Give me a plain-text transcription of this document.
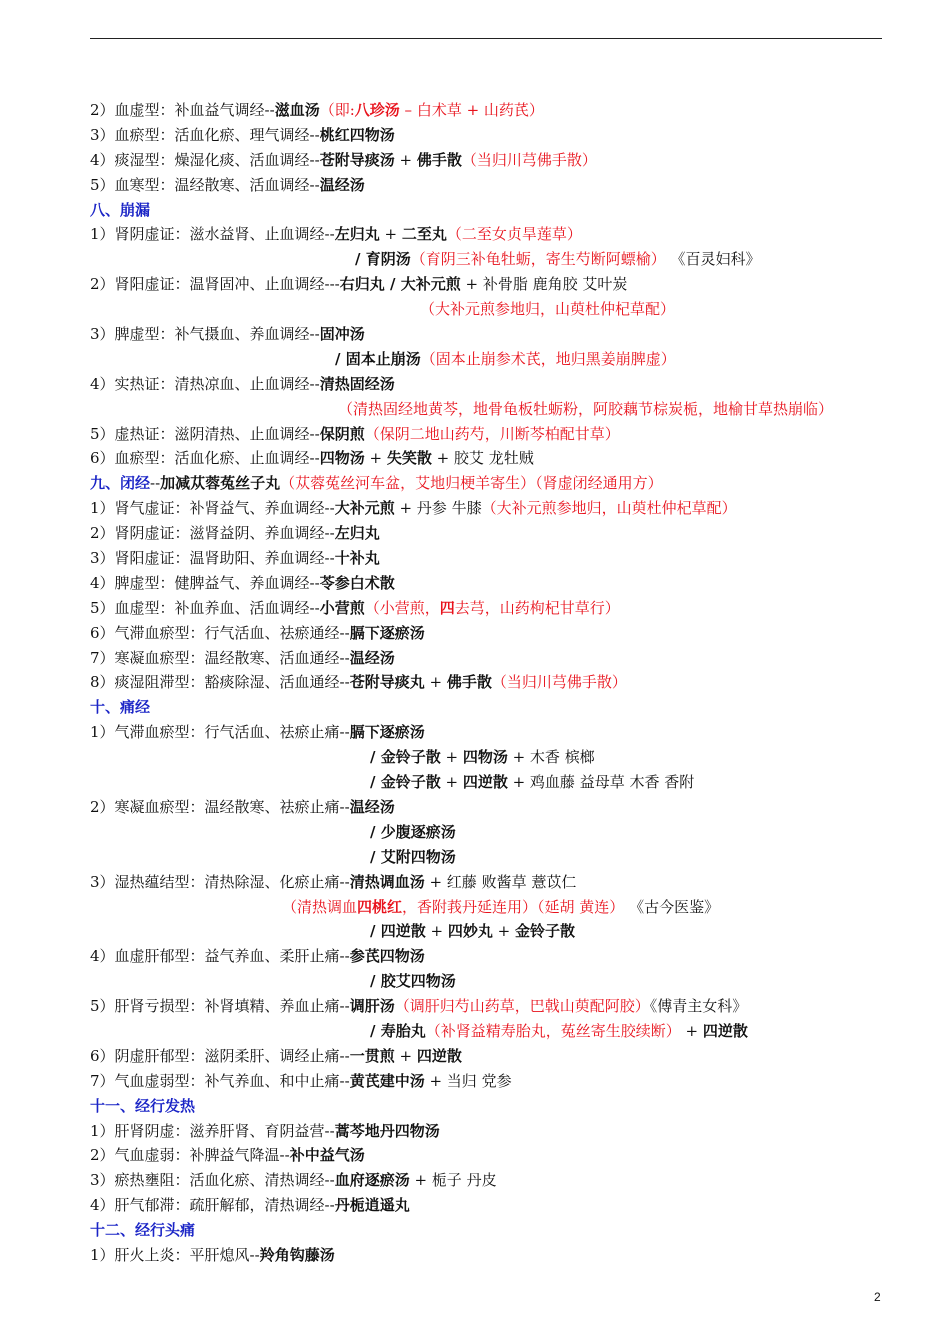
2）血虚型：补血益气调经--滋血汤（即:八珍汤 – 白术草 + 山药芪）
3）血瘀型：活血化瘀、理气调经--桃红四物汤
4）痰湿型：燥湿化痰、活血调经--苍附导痰汤 + 佛手散（当归川芎佛手散）
5）血寒型：温经散寒、活血调经--温经汤
八、崩漏
1）肾阴虚证：滋水益肾、止血调经--左归丸 + 二至丸（二至女贞旱莲草）
/ 育阴汤（育阴三补龟牡蛎，寄生芍断阿螵榆） 《百灵妇科》
2）肾阳虚证：温肾固冲、止血调经---右归丸 / 大补元煎 + 补骨脂 鹿角胶 艾叶炭
（大补元煎参地归，山萸杜仲杞草配）
3）脾虚型：补气摄血、养血调经--固冲汤
/ 固本止崩汤（固本止崩参术芪，地归黑姜崩脾虚）
4）实热证：清热凉血、止血调经--清热固经汤
（清热固经地黄芩，地骨龟板牡蛎粉，阿胶藕节棕炭栀，地榆甘草热崩临）
5）虚热证：滋阴清热、止血调经--保阴煎（保阴二地山药芍，川断芩柏配甘草）
6）血瘀型：活血化瘀、止血调经--四物汤 + 失笑散 + 胶艾 龙牡贼
九、闭经--加减苁蓉菟丝子丸（苁蓉菟丝河车盆，艾地归梗羊寄生）（肾虚闭经通用方）
1）肾气虚证：补肾益气、养血调经--大补元煎 + 丹参 牛膝（大补元煎参地归，山萸杜仲杞草配）
2）肾阴虚证：滋肾益阴、养血调经--左归丸
3）肾阳虚证：温肾助阳、养血调经--十补丸
4）脾虚型：健脾益气、养血调经--苓参白术散
5）血虚型：补血养血、活血调经--小营煎（小营煎，四去芎，山药枸杞甘草行）
6）气滞血瘀型：行气活血、祛瘀通经--膈下逐瘀汤
7）寒凝血瘀型：温经散寒、活血通经--温经汤
8）痰湿阻滞型：豁痰除湿、活血通经--苍附导痰丸 + 佛手散（当归川芎佛手散）
十、痛经
1）气滞血瘀型：行气活血、祛瘀止痛--膈下逐瘀汤
/ 金铃子散 + 四物汤 + 木香 槟榔
/ 金铃子散 + 四逆散 + 鸡血藤 益母草 木香 香附
2）寒凝血瘀型：温经散寒、祛瘀止痛--温经汤
/ 少腹逐瘀汤
/ 艾附四物汤
3）湿热蕴结型：清热除湿、化瘀止痛--清热调血汤 + 红藤 败酱草 薏苡仁
（清热调血四桃红，香附莪丹延连用）（延胡 黄连） 《古今医鉴》
/ 四逆散 + 四妙丸 + 金铃子散
4）血虚肝郁型：益气养血、柔肝止痛--参芪四物汤
/ 胶艾四物汤
5）肝肾亏损型：补肾填精、养血止痛--调肝汤（调肝归芍山药草，巴戟山萸配阿胶）《傅青主女科》
/ 寿胎丸（补肾益精寿胎丸，菟丝寄生胶续断） + 四逆散
6）阴虚肝郁型：滋阴柔肝、调经止痛--一贯煎 + 四逆散
7）气血虚弱型：补气养血、和中止痛--黄芪建中汤 + 当归 党参
十一、经行发热
1）肝肾阴虚：滋养肝肾、育阴益营--蒿芩地丹四物汤
2）气血虚弱：补脾益气降温--补中益气汤
3）瘀热壅阻：活血化瘀、清热调经--血府逐瘀汤 + 栀子 丹皮
4）肝气郁滞：疏肝解郁，清热调经--丹栀逍遥丸
十二、经行头痛
1）肝火上炎：平肝熄风--羚角钩藤汤
2
